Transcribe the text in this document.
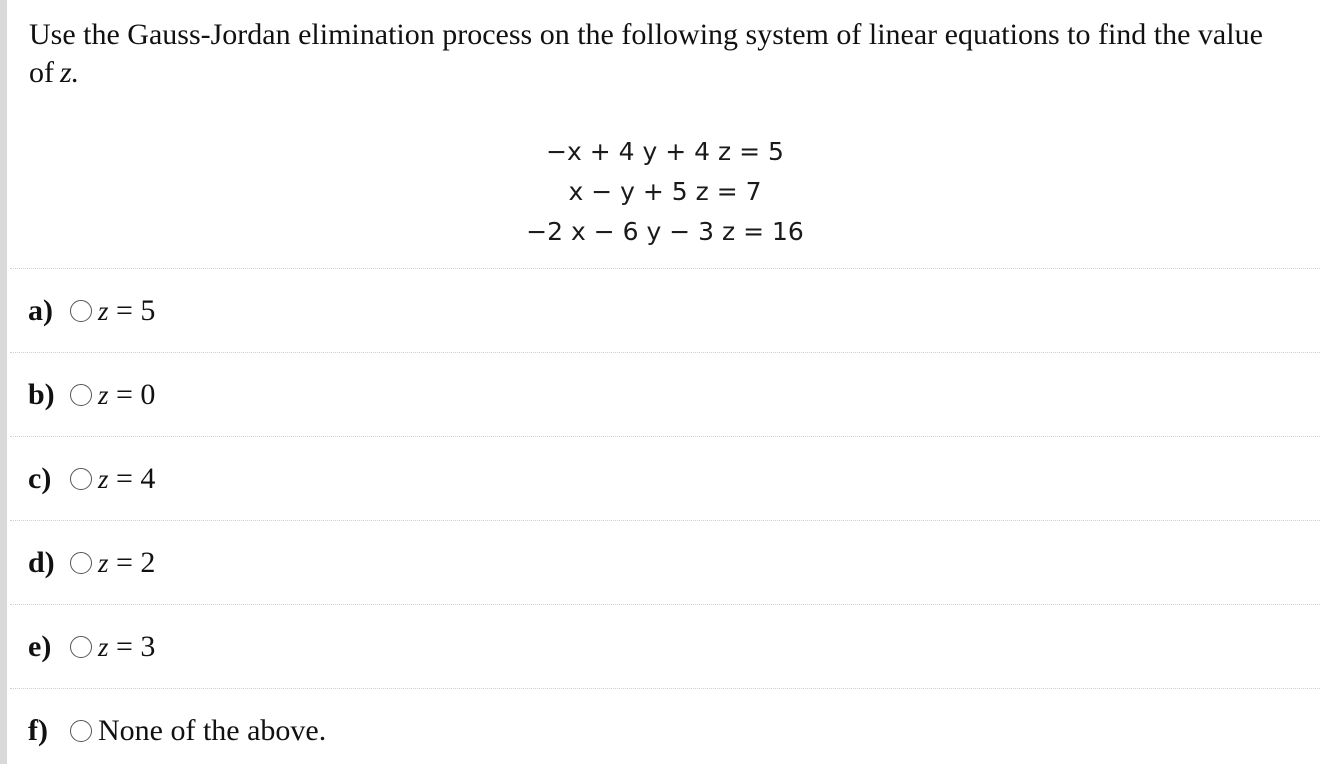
Use the Gauss-Jordan elimination process on the following system of linear equations to find the value of z.
−x + 4 y + 4 z = 5
x − y + 5 z = 7
−2 x − 6 y − 3 z = 16
a)	z = 5
b)	z = 0
c)	z = 4
d)	z = 2
e)	z = 3
f)	None of the above.
